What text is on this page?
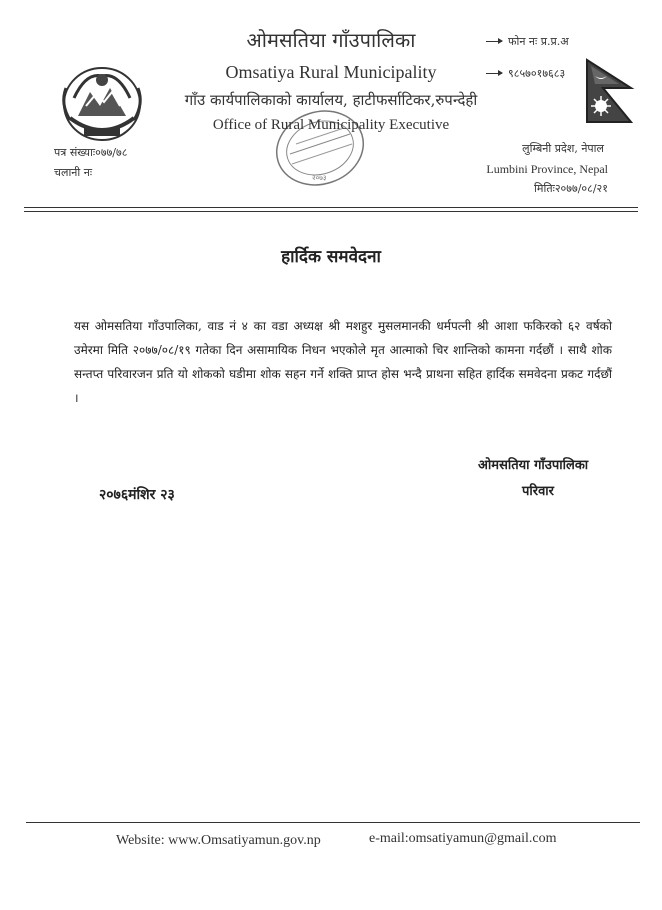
२०७३
ओमसतिया गाँउपालिका
Omsatiya Rural Municipality
गाँउ कार्यपालिकाको कार्यालय, हाटीफर्साटिकर,रुपन्देही
Office of Rural Municipality Executive
फोन नः प्र.प्र.अ
९८५७०१७६८३
पत्र संख्याः०७७/७८
चलानी नः
लुम्बिनी प्रदेश, नेपाल
Lumbini Province, Nepal
मितिः२०७७/०८/२१
हार्दिक समवेदना
यस ओमसतिया गाँउपालिका, वाड नं ४ का वडा अध्यक्ष श्री मशहुर मुसलमानकी धर्मपत्नी श्री आशा फकिरको ६२ वर्षको उमेरमा मिति २०७७/०८/१९ गतेका दिन असामायिक निधन भएकोले मृत आत्माको चिर शान्तिको कामना गर्दछौं । साथै शोक सन्तप्त परिवारजन प्रति यो शोकको घडीमा शोक सहन गर्ने शक्ति प्राप्त होस भन्दै प्राथना सहित हार्दिक समवेदना प्रकट गर्दछौं ।
ओमसतिया गाँउपालिका
परिवार
२०७६मंशिर २३
Website: www.Omsatiyamun.gov.np	e-mail:omsatiyamun@gmail.com
